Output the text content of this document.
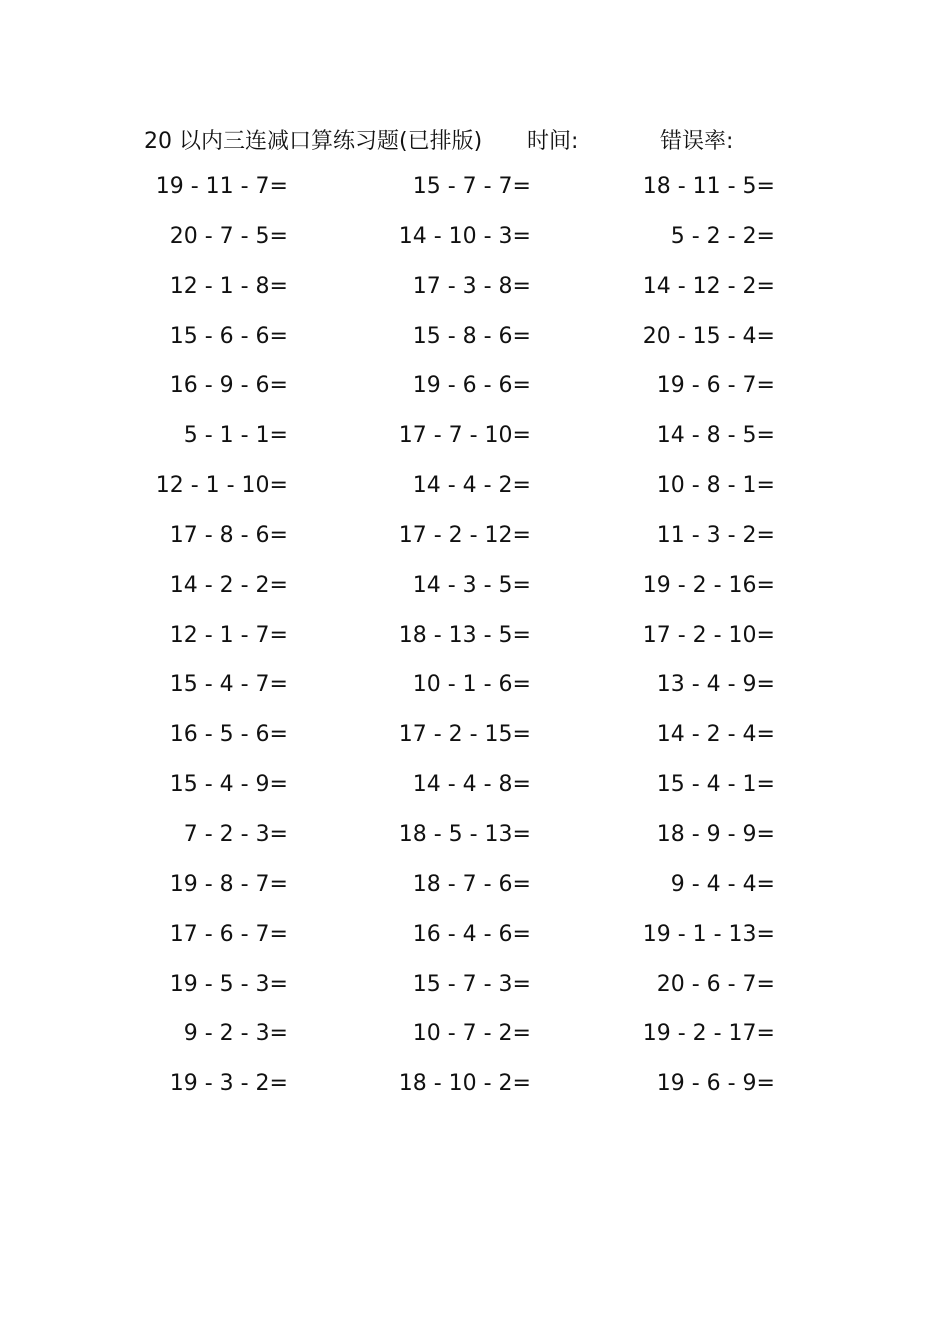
20 以内三连减口算练习题(已排版) 时间:	错误率:
19 - 11 - 7=	15 - 7 - 7=	18 - 11 - 5=
20 - 7 - 5=	14 - 10 - 3=	5 - 2 - 2=
12 - 1 - 8=	17 - 3 - 8=	14 - 12 - 2=
15 - 6 - 6=	15 - 8 - 6=	20 - 15 - 4=
16 - 9 - 6=	19 - 6 - 6=	19 - 6 - 7=
5 - 1 - 1=	17 - 7 - 10=	14 - 8 - 5=
12 - 1 - 10=	14 - 4 - 2=	10 - 8 - 1=
17 - 8 - 6=	17 - 2 - 12=	11 - 3 - 2=
14 - 2 - 2=	14 - 3 - 5=	19 - 2 - 16=
12 - 1 - 7=	18 - 13 - 5=	17 - 2 - 10=
15 - 4 - 7=	10 - 1 - 6=	13 - 4 - 9=
16 - 5 - 6=	17 - 2 - 15=	14 - 2 - 4=
15 - 4 - 9=	14 - 4 - 8=	15 - 4 - 1=
7 - 2 - 3=	18 - 5 - 13=	18 - 9 - 9=
19 - 8 - 7=	18 - 7 - 6=	9 - 4 - 4=
17 - 6 - 7=	16 - 4 - 6=	19 - 1 - 13=
19 - 5 - 3=	15 - 7 - 3=	20 - 6 - 7=
9 - 2 - 3=	10 - 7 - 2=	19 - 2 - 17=
19 - 3 - 2=	18 - 10 - 2=	19 - 6 - 9=
